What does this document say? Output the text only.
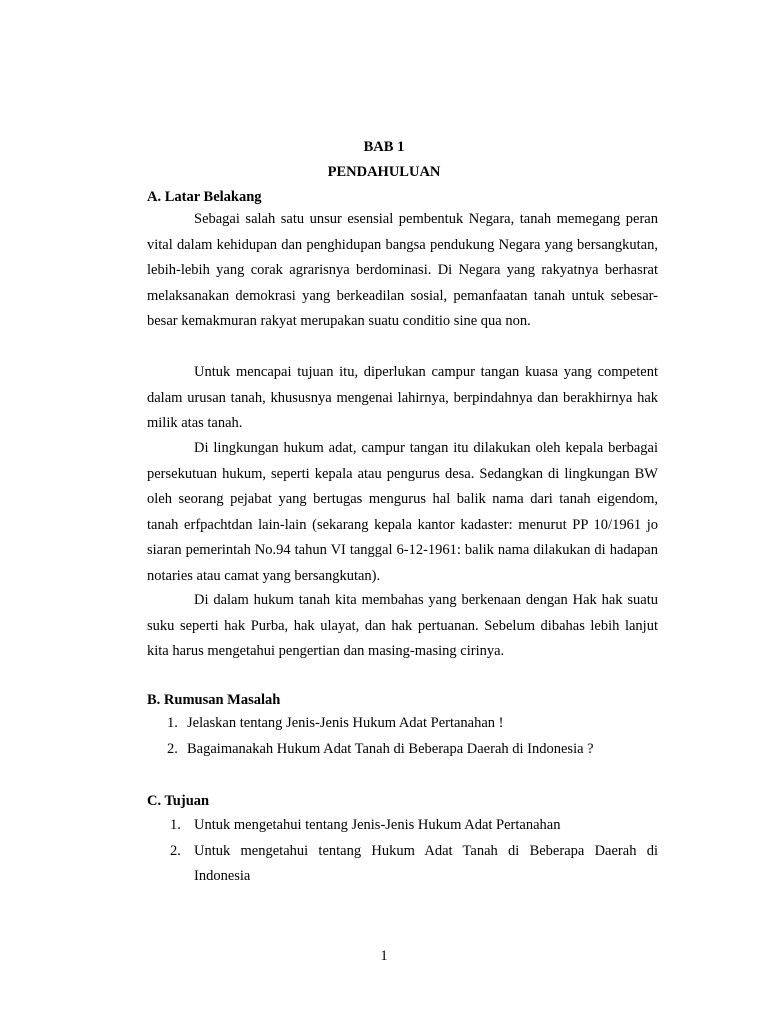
BAB 1
PENDAHULUAN
A. Latar Belakang

Sebagai salah satu unsur esensial pembentuk Negara, tanah memegang peran vital dalam kehidupan dan penghidupan bangsa pendukung Negara yang bersangkutan, lebih-lebih yang corak agrarisnya berdominasi. Di Negara yang rakyatnya berhasrat melaksanakan demokrasi yang berkeadilan sosial, pemanfaatan tanah untuk sebesar-besar kemakmuran rakyat merupakan suatu conditio sine qua non.

Untuk mencapai tujuan itu, diperlukan campur tangan kuasa yang competent dalam urusan tanah, khususnya mengenai lahirnya, berpindahnya dan berakhirnya hak milik atas tanah.

Di lingkungan hukum adat, campur tangan itu dilakukan oleh kepala berbagai persekutuan hukum, seperti kepala atau pengurus desa. Sedangkan di lingkungan BW oleh seorang pejabat yang bertugas mengurus hal balik nama dari tanah eigendom, tanah erfpachtdan lain-lain (sekarang kepala kantor kadaster: menurut PP 10/1961 jo siaran pemerintah No.94 tahun VI tanggal 6-12-1961: balik nama dilakukan di hadapan notaries atau camat yang bersangkutan).

Di dalam hukum tanah kita membahas yang berkenaan dengan Hak hak suatu suku seperti hak Purba, hak ulayat, dan hak pertuanan. Sebelum dibahas lebih lanjut kita harus mengetahui pengertian dan masing-masing cirinya.

B. Rumusan Masalah
1. Jelaskan tentang Jenis-Jenis Hukum Adat Pertanahan !
2. Bagaimanakah Hukum Adat Tanah di Beberapa Daerah di Indonesia ?
C. Tujuan
1. Untuk mengetahui tentang Jenis-Jenis Hukum Adat Pertanahan
2. Untuk mengetahui tentang Hukum Adat Tanah di Beberapa Daerah di Indonesia
1
